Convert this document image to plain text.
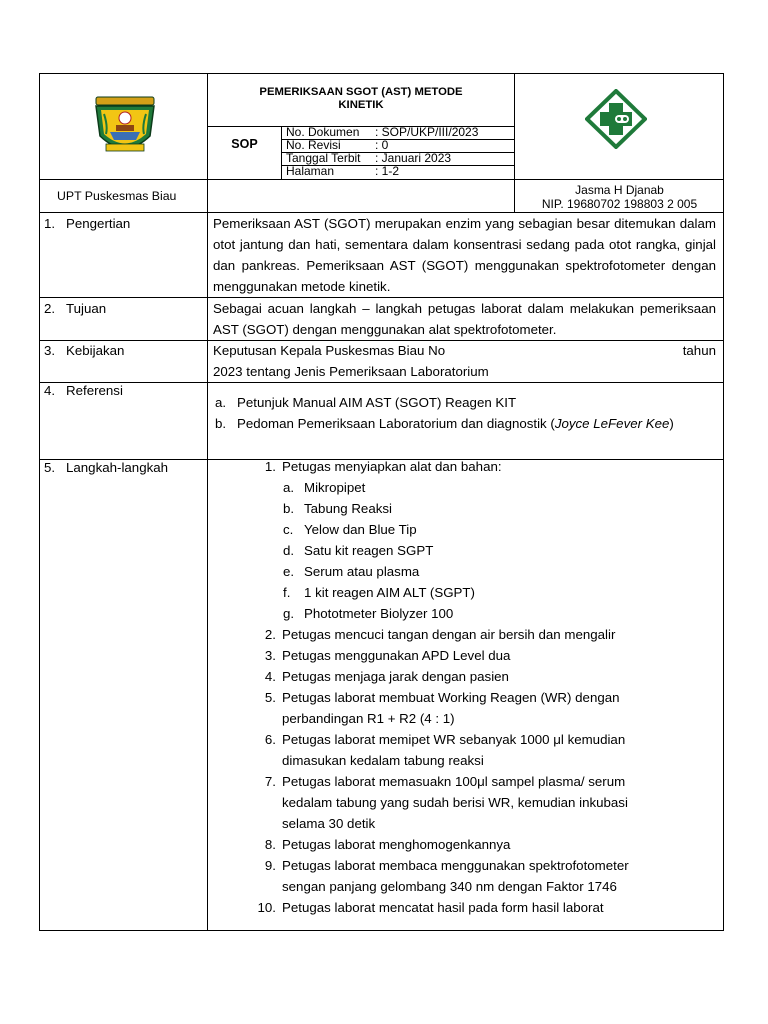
PEMERIKSAAN SGOT (AST) METODE
KINETIK
SOP
No. Dokumen	: SOP/UKP/III/2023
No. Revisi	: 0
Tanggal Terbit	: Januari 2023
Halaman	: 1-2
UPT Puskesmas Biau	Jasma H Djanab
NIP. 19680702 198803 2 005
1. Pengertian	Pemeriksaan AST (SGOT) merupakan enzim yang sebagian besar ditemukan dalam otot jantung dan hati, sementara dalam konsentrasi sedang pada otot rangka, ginjal dan pankreas. Pemeriksaan AST (SGOT) menggunakan spektrofotometer dengan menggunakan metode kinetik.
2. Tujuan	Sebagai acuan langkah – langkah petugas laborat dalam melakukan pemeriksaan AST (SGOT) dengan menggunakan alat spektrofotometer.
3. Kebijakan	Keputusan Kepala Puskesmas Biau No	tahun
2023 tentang Jenis Pemeriksaan Laboratorium
4. Referensi
a. Petunjuk Manual AIM AST (SGOT) Reagen KIT
b. Pedoman Pemeriksaan Laboratorium dan diagnostik (Joyce LeFever Kee)
5. Langkah-langkah	1. Petugas menyiapkan alat dan bahan:
a. Mikropipet
b. Tabung Reaksi
c. Yelow dan Blue Tip
d. Satu kit reagen SGPT
e. Serum atau plasma
f.	1 kit reagen AIM ALT (SGPT)
g. Phototmeter Biolyzer 100
2. Petugas mencuci tangan dengan air bersih dan mengalir
3. Petugas menggunakan APD Level dua
4. Petugas menjaga jarak dengan pasien
5. Petugas laborat membuat Working Reagen (WR) dengan
perbandingan R1 + R2 (4 : 1)
6. Petugas laborat memipet WR sebanyak 1000 μl kemudian
dimasukan kedalam tabung reaksi
7. Petugas laborat memasuakn 100μl sampel plasma/ serum
kedalam tabung yang sudah berisi WR, kemudian inkubasi
selama 30 detik
8. Petugas laborat menghomogenkannya
9. Petugas laborat membaca menggunakan spektrofotometer
sengan panjang gelombang 340 nm dengan Faktor 1746
10. Petugas laborat mencatat hasil pada form hasil laborat
